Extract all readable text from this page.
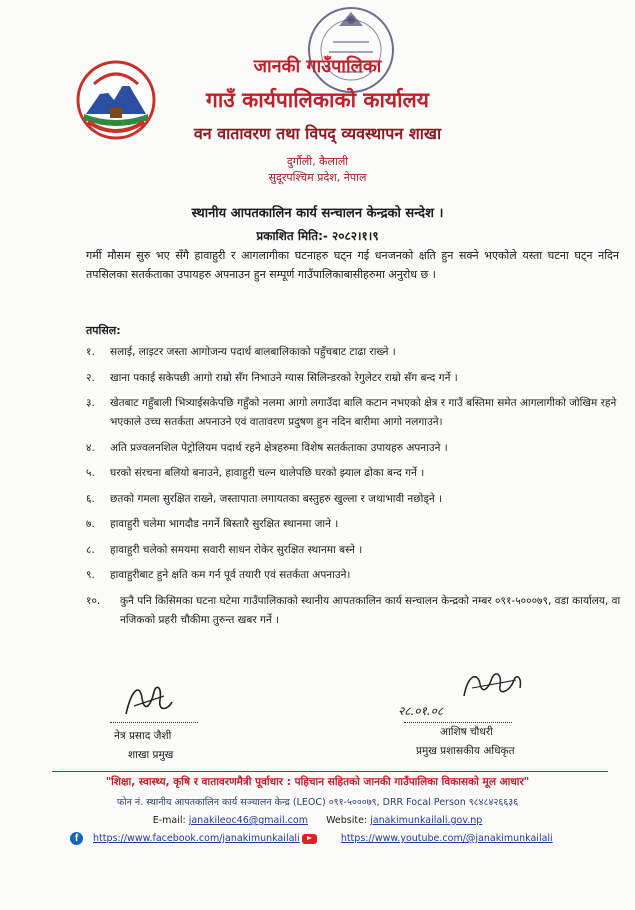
जानकी गाउँपालिका
गाउँ कार्यपालिकाको कार्यालय
वन वातावरण तथा विपद् व्यवस्थापन शाखा
दुर्गौली, कैलाली
सुदूरपश्चिम प्रदेश, नेपाल
स्थानीय आपतकालिन कार्य सन्चालन केन्द्रको सन्देश ।
प्रकाशित मिति:- २०८२।१।९
गर्मी मौसम सुरु भए सँगै हावाहुरी र आगलागीका घटनाहरु घट्न गई धनजनको क्षति हुन सक्ने भएकोले यस्ता घटना घट्न नदिन तपसिलका सतर्कताका उपायहरु अपनाउन हुन सम्पूर्ण गाउँपालिकाबासीहरुमा अनुरोध छ ।
तपसिल:
१. सलाई, लाइटर जस्ता आगोजन्य पदार्थ बालबालिकाको पहुँचबाट टाढा राख्ने ।
२. खाना पकाई सकेपछी आगो राम्रो सँग निभाउने ग्यास सिलिन्डरको रेगुलेटर राम्रो सँग बन्द गर्ने ।
३. खेतबाट गहुँबाली भित्र्याईसकेपछि गहुँको नलमा आगो लगाउँदा बालि कटान नभएको क्षेत्र र गाउँ बस्तिमा समेत आगलागीको जोखिम रहने भएकाले उच्च सतर्कता अपनाउने एवं वातावरण प्रदुषण हुन नदिन बारीमा आगो नलगाउने।
४. अति प्रज्वलनशिल पेट्रोलियम पदार्थ रहने क्षेत्रहरुमा विशेष सतर्कताका उपायहरु अपनाउने ।
५. घरको संरचना बलियो बनाउने, हावाहुरी चल्न थालेपछि घरको झ्याल ढोका बन्द गर्ने ।
६. छतको गमला सुरक्षित राख्ने, जस्तापाता लगायतका बस्तुहरु खुल्ला र जथाभावी नछोड्ने ।
७. हावाहुरी चलेमा भागदौड नगर्ने बिस्तारै सुरक्षित स्थानमा जाने ।
८. हावाहुरी चलेको समयमा सवारी साधन रोकेर सुरक्षित स्थानमा बस्ने ।
९. हावाहुरीबाट हुने क्षति कम गर्न पूर्व तयारी एवं सतर्कता अपनाउने।
१०. कुनै पनि किसिमका घटना घटेमा गाउँपालिकाको स्थानीय आपतकालिन कार्य सन्चालन केन्द्रको नम्बर ०९१-५०००७९, वडा कार्यालय, वा नजिकको प्रहरी चौकीमा तुरुन्त खबर गर्ने ।
२८.०१.०८
नेत्र प्रसाद जैशी
शाखा प्रमुख
आशिष चौधरी
प्रमुख प्रशासकीय अधिकृत
"शिक्षा, स्वास्थ्य, कृषि र वातावरणमैत्री पूर्वाधार : पहिचान सहितको जानकी गाउँपालिका विकासको मूल आधार"
फोन नं. स्थानीय आपतकालिन कार्य सञ्चालन केन्द्र (LEOC) ०९१-५०००७९, DRR Focal Person ९८४८४२६६३६
E-mail: janakileoc46@gmail.com Website: janakimunkailali.gov.np
f https://www.facebook.com/janakimunkailali	https://www.youtube.com/@janakimunkailali
